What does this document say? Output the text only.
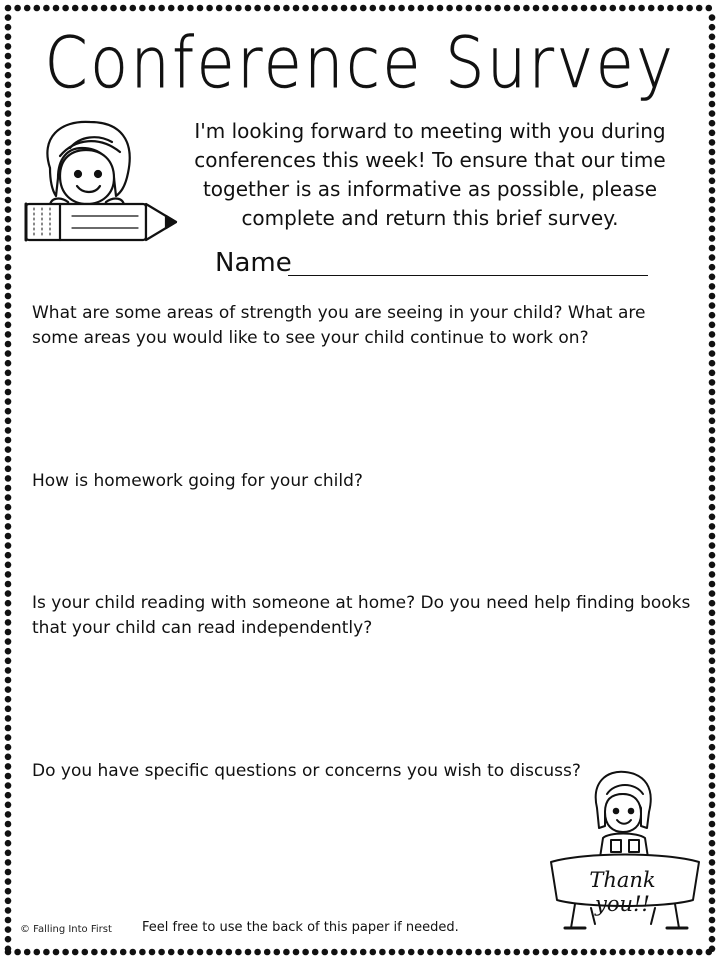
Conference Survey
I'm looking forward to meeting with you during conferences this week! To ensure that our time together is as informative as possible, please complete and return this brief survey.
Name
What are some areas of strength you are seeing in your child? What are some areas you would like to see your child continue to work on?
How is homework going for your child?
Is your child reading with someone at home? Do you need help finding books that your child can read independently?
Do you have specific questions or concerns you wish to discuss?
Thank you!!
© Falling Into First Feel free to use the back of this paper if needed.
